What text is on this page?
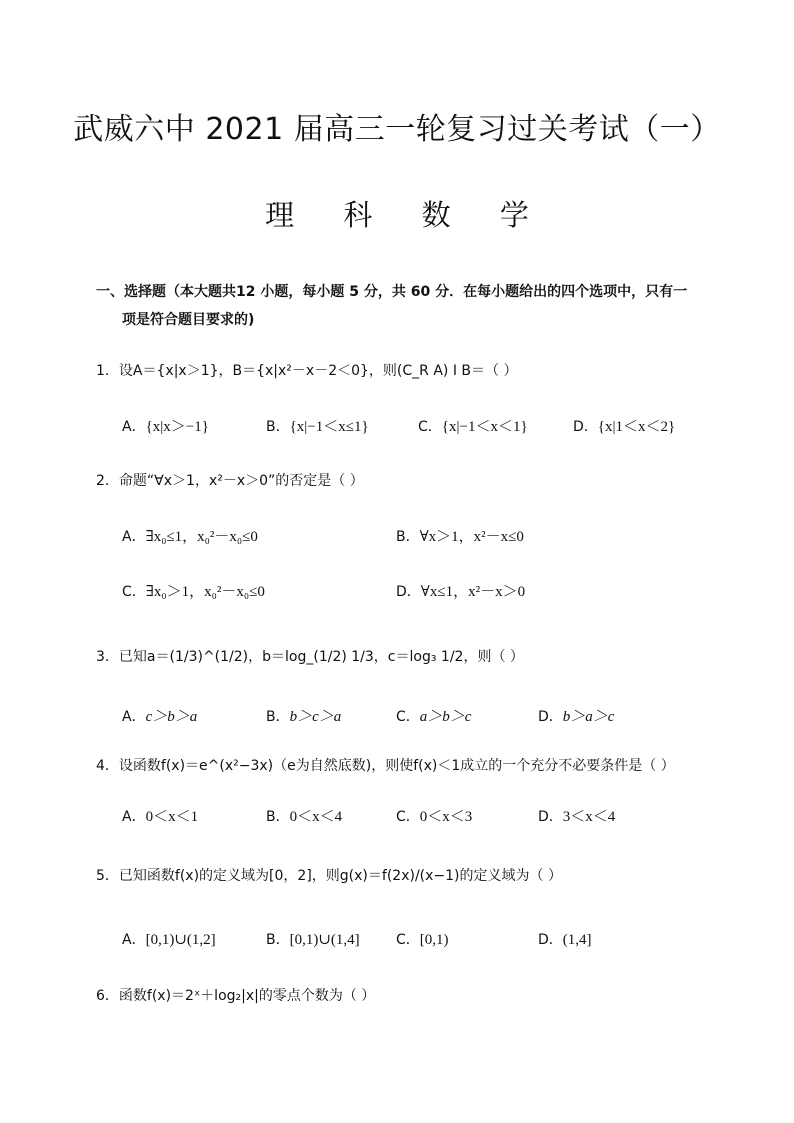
武威六中 2021 届高三一轮复习过关考试（一）
理 科 数 学
一、选择题（本大题共12 小题，每小题 5 分，共 60 分．在每小题给出的四个选项中，只有一
项是符合题目要求的)
1．设A＝{x|x＞1}，B＝{x|x²－x－2＜0}，则(C_R A) I B＝（ ）
A．{x|x＞−1}	B．{x|−1＜x≤1}	C．{x|−1＜x＜1}	D．{x|1＜x＜2}
2．命题“∀x＞1，x²－x＞0”的否定是（ ）
A．∃x₀≤1，x₀²－x₀≤0	B．∀x＞1，x²－x≤0
C．∃x₀＞1，x₀²－x₀≤0	D．∀x≤1，x²－x＞0
3．已知a＝(1/3)^(1/2)，b＝log_(1/2) 1/3，c＝log₃ 1/2，则（ ）
A．c＞b＞a	B．b＞c＞a	C．a＞b＞c	D．b＞a＞c
4．设函数f(x)＝e^(x²−3x)（e为自然底数)，则使f(x)＜1成立的一个充分不必要条件是（ ）
A．0＜x＜1	B．0＜x＜4	C．0＜x＜3	D．3＜x＜4
5．已知函数f(x)的定义域为[0，2]，则g(x)＝f(2x)/(x−1)的定义域为（ ）
A．[0,1)∪(1,2]	B．[0,1)∪(1,4]	C．[0,1)	D．(1,4]
6．函数f(x)＝2ˣ＋log₂|x|的零点个数为（ ）
